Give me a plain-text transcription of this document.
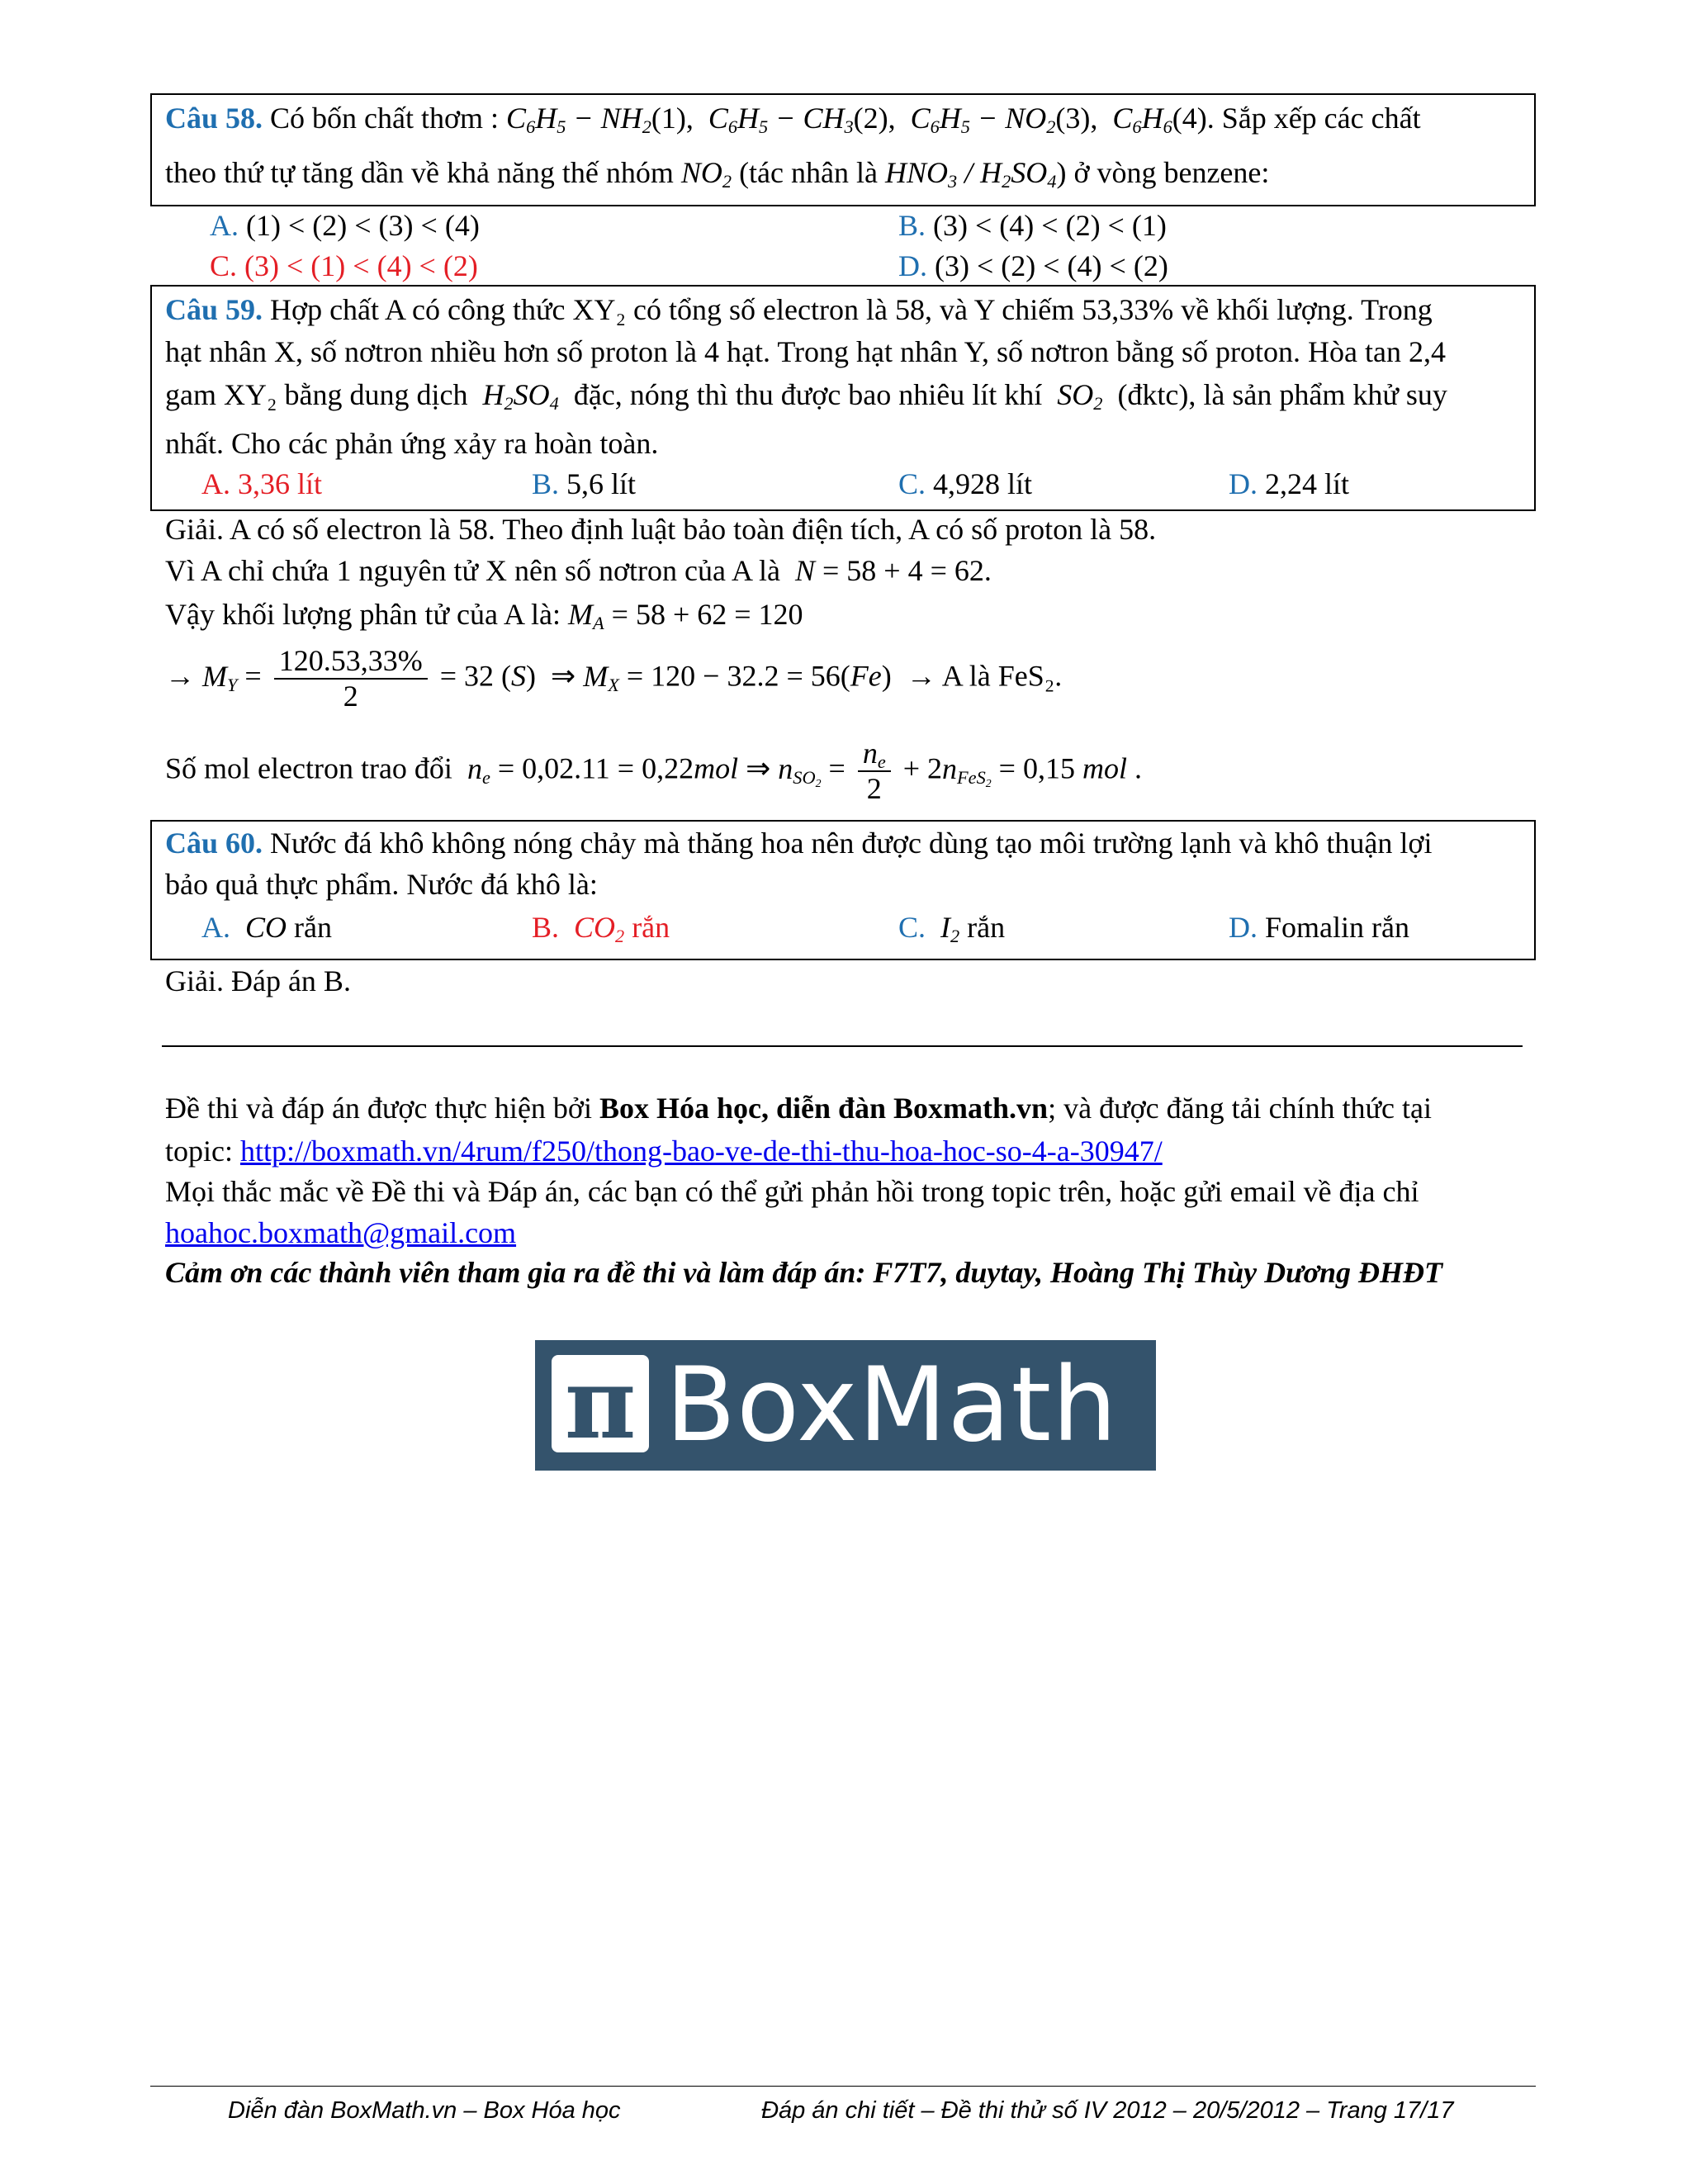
Câu 58. Có bốn chất thơm : $C_6H_5 - NH_2(1)$,  $C_6H_5 - CH_3(2)$,  $C_6H_5 - NO_2(3)$,  $C_6H_6(4)$. Sắp xếp các chất
theo thứ tự tăng dần về khả năng thế nhóm $NO_2$ (tác nhân là $HNO_3 / H_2SO_4$) ở vòng benzene:
A. (1) < (2) < (3) < (4)	B. (3) < (4) < (2) < (1)
C. (3) < (1) < (4) < (2)	D. (3) < (2) < (4) < (2)
Câu 59. Hợp chất A có công thức XY₂ có tổng số electron là 58, và Y chiếm 53,33% về khối lượng. Trong
hạt nhân X, số nơtron nhiều hơn số proton là 4 hạt. Trong hạt nhân Y, số nơtron bằng số proton. Hòa tan 2,4
gam XY₂ bằng dung dịch $H_2SO_4$ đặc, nóng thì thu được bao nhiêu lít khí $SO_2$ (đktc), là sản phẩm khử suy
nhất. Cho các phản ứng xảy ra hoàn toàn.
A. 3,36 lít	B. 5,6 lít	C. 4,928 lít	D. 2,24 lít
Giải. A có số electron là 58. Theo định luật bảo toàn điện tích, A có số proton là 58.
Vì A chỉ chứa 1 nguyên tử X nên số nơtron của A là N = 58 + 4 = 62.
Vậy khối lượng phân tử của A là: $M_A = 58 + 62 = 120$
→ $M_Y = \frac{120.53,33\%}{2} = 32$ (S)  ⇒ $M_X = 120 - 32.2 = 56(Fe) \to A$ là FeS₂.
Số mol electron trao đổi $n_e = 0,02.11 = 0,22mol$ ⇒ $n_{SO_2} = \frac{n_e}{2} + 2n_{FeS_2} = 0,15$ mol .
Câu 60. Nước đá khô không nóng chảy mà thăng hoa nên được dùng tạo môi trường lạnh và khô thuận lợi
bảo quả thực phẩm. Nước đá khô là:
A. CO rắn	B. $CO_2$ rắn	C. $I_2$ rắn	D. Fomalin rắn
Giải. Đáp án B.
Đề thi và đáp án được thực hiện bởi Box Hóa học, diễn đàn Boxmath.vn; và được đăng tải chính thức tại
topic: http://boxmath.vn/4rum/f250/thong-bao-ve-de-thi-thu-hoa-hoc-so-4-a-30947/
Mọi thắc mắc về Đề thi và Đáp án, các bạn có thể gửi phản hồi trong topic trên, hoặc gửi email về địa chỉ
hoahoc.boxmath@gmail.com
Cảm ơn các thành viên tham gia ra đề thi và làm đáp án: F7T7, duytay, Hoàng Thị Thùy Dương ĐHĐT
π BoxMath
Diễn đàn BoxMath.vn – Box Hóa học	Đáp án chi tiết – Đề thi thử số IV 2012 – 20/5/2012 – Trang 17/17
